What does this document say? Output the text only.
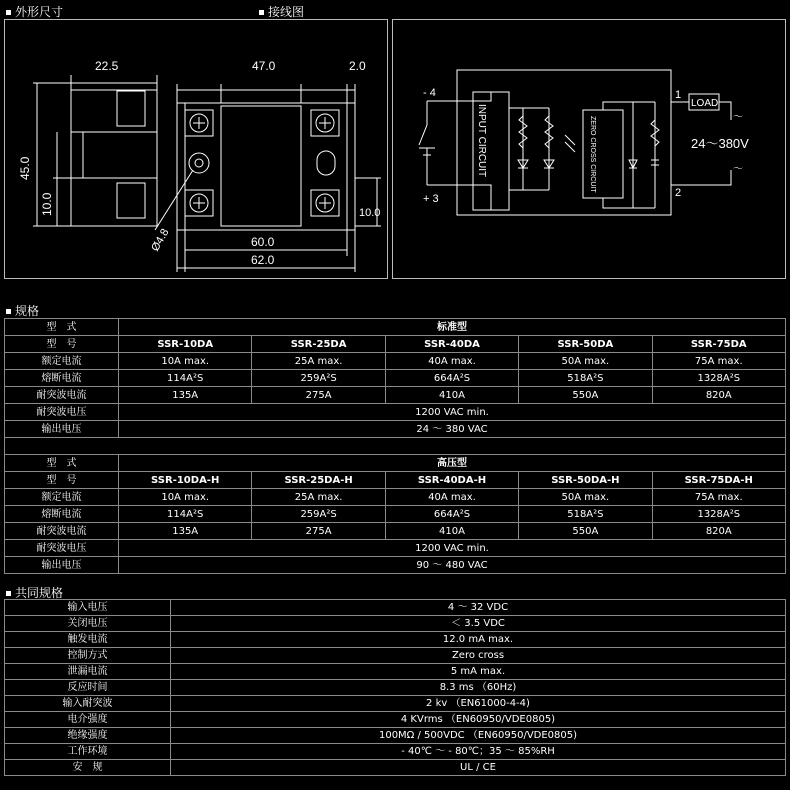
外形尺寸	接线图
22.5	47.0	2.0
45.0
10.0	10.0
Ø4.8	60.0
62.0
- 4
+ 3
1
2
LOAD
24～380V
INPUT CIRCUIT	ZERO CROSS CIRCUIT	～
～
规格
型　式	标准型				
型　号	SSR-10DA	SSR-25DA	SSR-40DA	SSR-50DA	SSR-75DA
额定电流	10A max.	25A max.	40A max.	50A max.	75A max.
熔断电流	114A²S	259A²S	664A²S	518A²S	1328A²S
耐突波电流	135A	275A	410A	550A	820A
耐突波电压	1200 VAC min.				
输出电压	24 ～ 380 VAC				

型　式	高压型				
型　号	SSR-10DA-H	SSR-25DA-H	SSR-40DA-H	SSR-50DA-H	SSR-75DA-H
额定电流	10A max.	25A max.	40A max.	50A max.	75A max.
熔断电流	114A²S	259A²S	664A²S	518A²S	1328A²S
耐突波电流	135A	275A	410A	550A	820A
耐突波电压	1200 VAC min.				
输出电压	90 ～ 480 VAC				
共同规格
输入电压	4 ～ 32 VDC
关闭电压	＜ 3.5 VDC
触发电流	12.0 mA max.
控制方式	Zero cross
泄漏电流	5 mA max.
反应时间	8.3 ms （60Hz)
输入耐突波	2 kv （EN61000-4-4)
电介强度	4 KVrms （EN60950/VDE0805)
绝缘强度	100MΩ / 500VDC （EN60950/VDE0805)
工作环境	- 40℃ ～ - 80℃；35 ～ 85%RH
安　规	UL / CE
